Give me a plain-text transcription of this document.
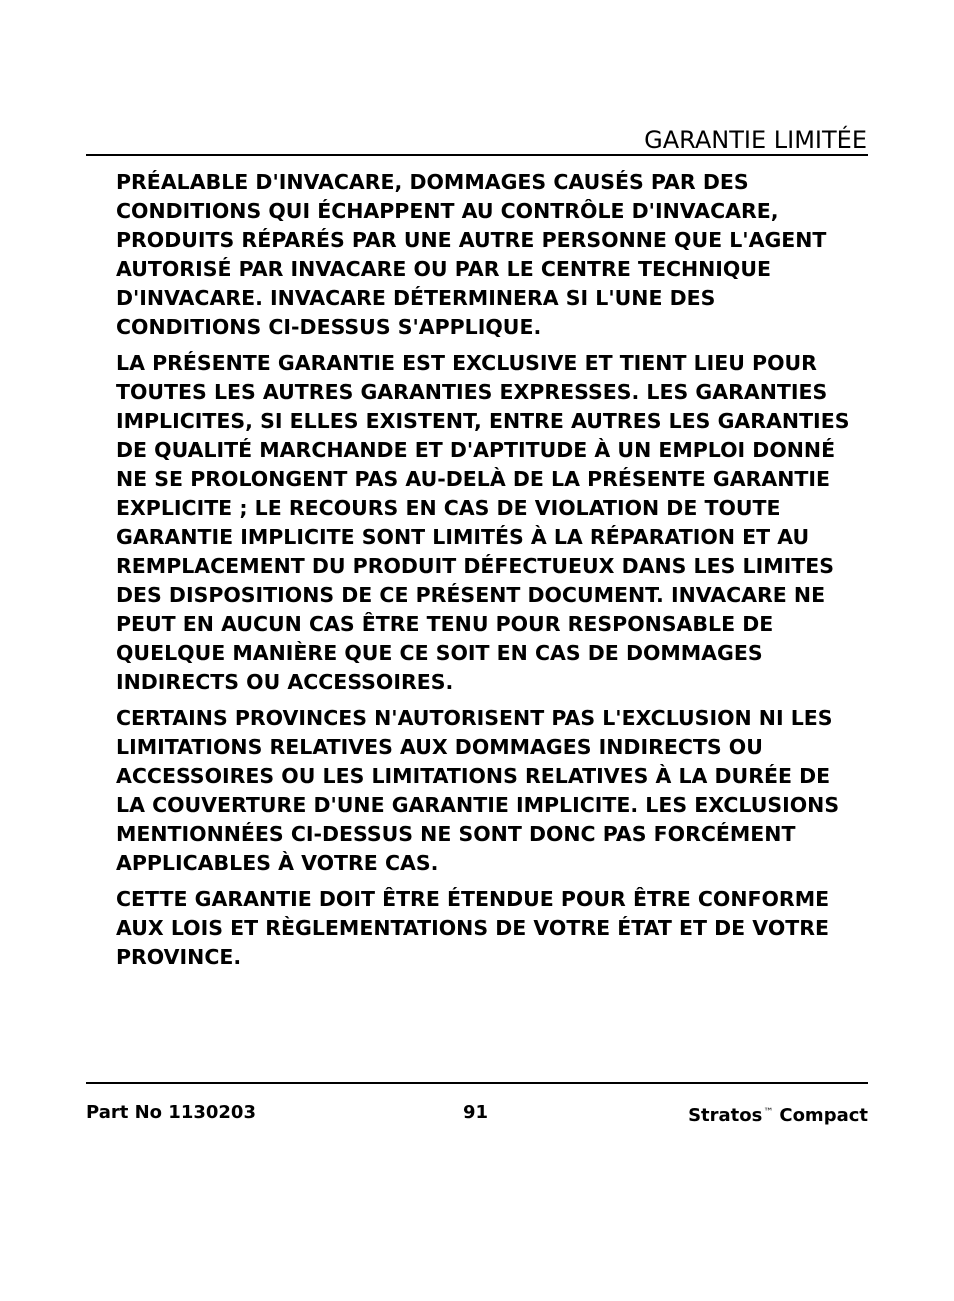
GARANTIE LIMITÉE

PRÉALABLE D'INVACARE, DOMMAGES CAUSÉS PAR DES CONDITIONS QUI ÉCHAPPENT AU CONTRÔLE D'INVACARE, PRODUITS RÉPARÉS PAR UNE AUTRE PERSONNE QUE L'AGENT AUTORISÉ PAR INVACARE OU PAR LE CENTRE TECHNIQUE D'INVACARE. INVACARE DÉTERMINERA SI L'UNE DES CONDITIONS CI-DESSUS S'APPLIQUE.

LA PRÉSENTE GARANTIE EST EXCLUSIVE ET TIENT LIEU POUR TOUTES LES AUTRES GARANTIES EXPRESSES. LES GARANTIES IMPLICITES, SI ELLES EXISTENT, ENTRE AUTRES LES GARANTIES DE QUALITÉ MARCHANDE ET D'APTITUDE À UN EMPLOI DONNÉ NE SE PROLONGENT PAS AU-DELÀ DE LA PRÉSENTE GARANTIE EXPLICITE ; LE RECOURS EN CAS DE VIOLATION DE TOUTE GARANTIE IMPLICITE SONT LIMITÉS À LA RÉPARATION ET AU REMPLACEMENT DU PRODUIT DÉFECTUEUX DANS LES LIMITES DES DISPOSITIONS DE CE PRÉSENT DOCUMENT. INVACARE NE PEUT EN AUCUN CAS ÊTRE TENU POUR RESPONSABLE DE QUELQUE MANIÈRE QUE CE SOIT EN CAS DE DOMMAGES INDIRECTS OU ACCESSOIRES.

CERTAINS PROVINCES N'AUTORISENT PAS L'EXCLUSION NI LES LIMITATIONS RELATIVES AUX DOMMAGES INDIRECTS OU ACCESSOIRES OU LES LIMITATIONS RELATIVES À LA DURÉE DE LA COUVERTURE D'UNE GARANTIE IMPLICITE. LES EXCLUSIONS MENTIONNÉES CI-DESSUS NE SONT DONC PAS FORCÉMENT APPLICABLES À VOTRE CAS.

CETTE GARANTIE DOIT ÊTRE ÉTENDUE POUR ÊTRE CONFORME AUX LOIS ET RÈGLEMENTATIONS DE VOTRE ÉTAT ET DE VOTRE PROVINCE.

Part No 1130203	91	Stratos™ Compact
